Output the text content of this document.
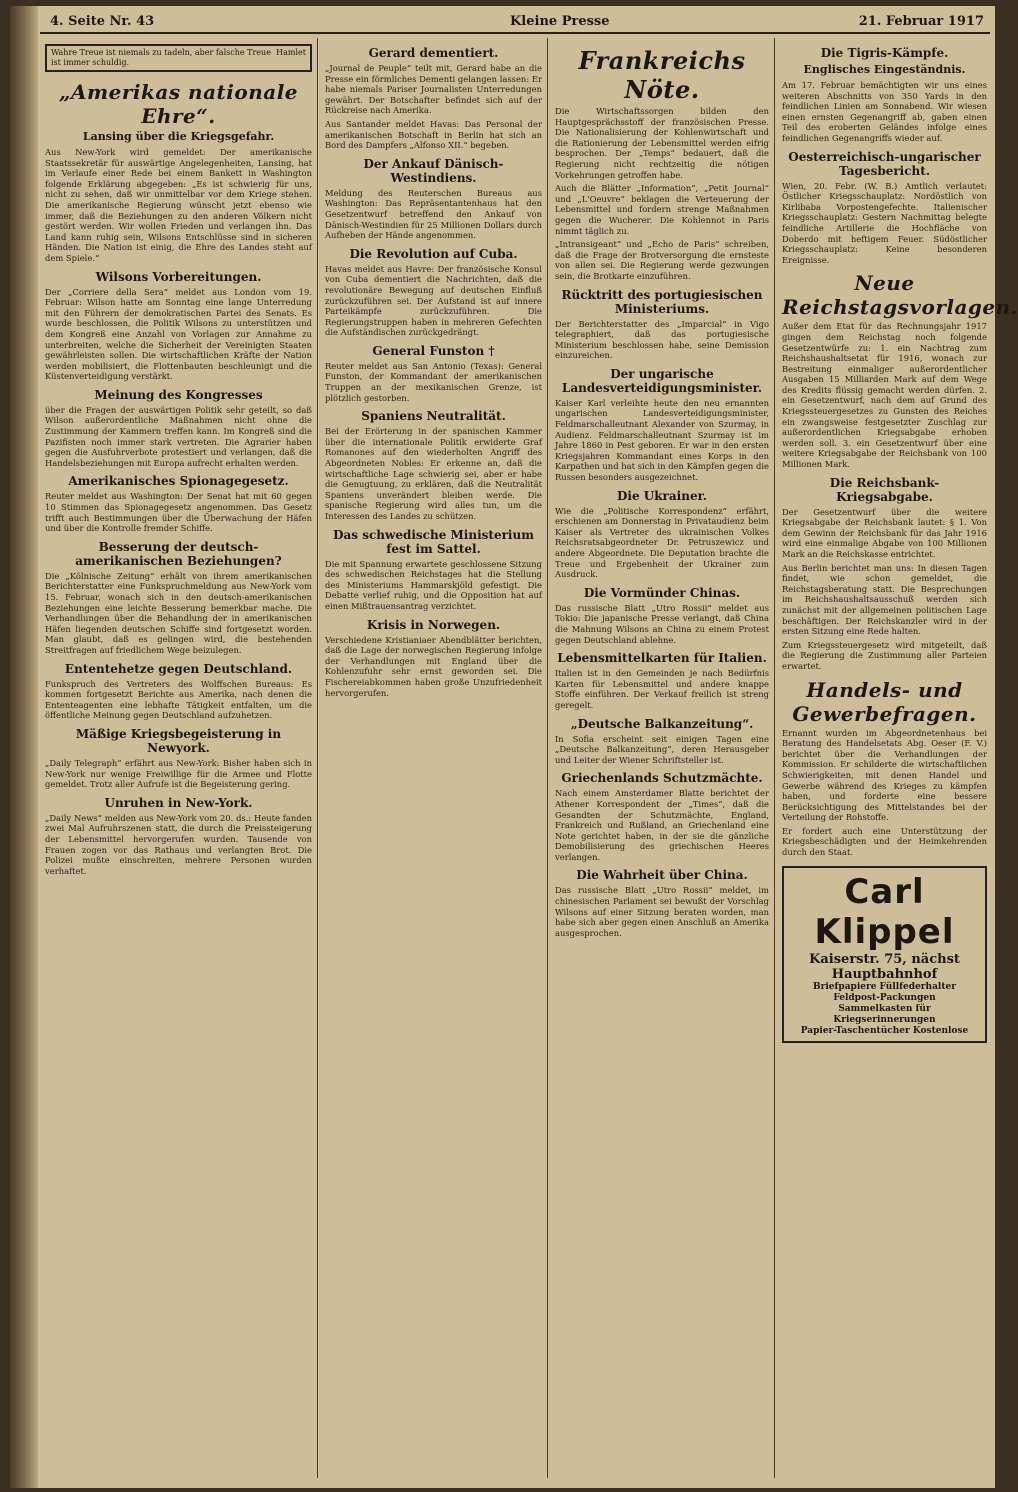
4. Seite Nr. 43	Kleine Presse	21. Februar 1917
Wahre Treue ist niemals zu tadeln, aber falsche Treue ist immer schuldig.
Hamlet
„Amerikas nationale Ehre“.
Lansing über die Kriegsgefahr.

Aus New-York wird gemeldet: Der amerikanische Staatssekretär für auswärtige Angelegenheiten, Lansing, hat im Verlaufe einer Rede bei einem Bankett in Washington folgende Erklärung abgegeben: „Es ist schwierig für uns, nicht zu sehen, daß wir unmittelbar vor dem Kriege stehen. Die amerikanische Regierung wünscht jetzt ebenso wie immer, daß die Beziehungen zu den anderen Völkern nicht gestört werden. Wir wollen Frieden und verlangen ihn. Das Land kann ruhig sein, Wilsons Entschlüsse sind in sicheren Händen. Die Nation ist einig, die Ehre des Landes steht auf dem Spiele.“

Wilsons Vorbereitungen.

Der „Corriere della Sera“ meldet aus London vom 19. Februar: Wilson hatte am Sonntag eine lange Unterredung mit den Führern der demokratischen Partei des Senats. Es wurde beschlossen, die Politik Wilsons zu unterstützen und dem Kongreß eine Anzahl von Vorlagen zur Annahme zu unterbreiten, welche die Sicherheit der Vereinigten Staaten gewährleisten sollen. Die wirtschaftlichen Kräfte der Nation werden mobilisiert, die Flottenbauten beschleunigt und die Küstenverteidigung verstärkt.

Meinung des Kongresses

über die Fragen der auswärtigen Politik sehr geteilt, so daß Wilson außerordentliche Maßnahmen nicht ohne die Zustimmung der Kammern treffen kann. Im Kongreß sind die Pazifisten noch immer stark vertreten. Die Agrarier haben gegen die Ausfuhrverbote protestiert und verlangen, daß die Handelsbeziehungen mit Europa aufrecht erhalten werden.

Amerikanisches Spionagegesetz.

Reuter meldet aus Washington: Der Senat hat mit 60 gegen 10 Stimmen das Spionagegesetz angenommen. Das Gesetz trifft auch Bestimmungen über die Überwachung der Häfen und über die Kontrolle fremder Schiffe.

Besserung der deutsch-amerikanischen Beziehungen?

Die „Kölnische Zeitung“ erhält von ihrem amerikanischen Berichterstatter eine Funkspruchmeldung aus New-York vom 15. Februar, wonach sich in den deutsch-amerikanischen Beziehungen eine leichte Besserung bemerkbar mache. Die Verhandlungen über die Behandlung der in amerikanischen Häfen liegenden deutschen Schiffe sind fortgesetzt worden. Man glaubt, daß es gelingen wird, die bestehenden Streitfragen auf friedlichem Wege beizulegen.

Ententehetze gegen Deutschland.

Funkspruch des Vertreters des Wolffschen Bureaus: Es kommen fortgesetzt Berichte aus Amerika, nach denen die Ententeagenten eine lebhafte Tätigkeit entfalten, um die öffentliche Meinung gegen Deutschland aufzuhetzen.

Mäßige Kriegsbegeisterung in Newyork.

„Daily Telegraph“ erfährt aus New-York: Bisher haben sich in New-York nur wenige Freiwillige für die Armee und Flotte gemeldet. Trotz aller Aufrufe ist die Begeisterung gering.

Unruhen in New-York.

„Daily News“ melden aus New-York vom 20. ds.: Heute fanden zwei Mal Aufruhrszenen statt, die durch die Preissteigerung der Lebensmittel hervorgerufen wurden. Tausende von Frauen zogen vor das Rathaus und verlangten Brot. Die Polizei mußte einschreiten, mehrere Personen wurden verhaftet.

Gerard dementiert.

„Journal de Peuple“ teilt mit, Gerard habe an die Presse ein förmliches Dementi gelangen lassen: Er habe niemals Pariser Journalisten Unterredungen gewährt. Der Botschafter befindet sich auf der Rückreise nach Amerika.

Aus Santander meldet Havas: Das Personal der amerikanischen Botschaft in Berlin hat sich an Bord des Dampfers „Alfonso XII.“ begeben.

Der Ankauf Dänisch-Westindiens.

Meldung des Reuterschen Bureaus aus Washington: Das Repräsentantenhaus hat den Gesetzentwurf betreffend den Ankauf von Dänisch-Westindien für 25 Millionen Dollars durch Aufheben der Hände angenommen.

Die Revolution auf Cuba.

Havas meldet aus Havre: Der französische Konsul von Cuba dementiert die Nachrichten, daß die revolutionäre Bewegung auf deutschen Einfluß zurückzuführen sei. Der Aufstand ist auf innere Parteikämpfe zurückzuführen. Die Regierungstruppen haben in mehreren Gefechten die Aufständischen zurückgedrängt.

General Funston †

Reuter meldet aus San Antonio (Texas): General Funston, der Kommandant der amerikanischen Truppen an der mexikanischen Grenze, ist plötzlich gestorben.

Spaniens Neutralität.

Bei der Erörterung in der spanischen Kammer über die internationale Politik erwiderte Graf Romanones auf den wiederholten Angriff des Abgeordneten Nobles: Er erkenne an, daß die wirtschaftliche Lage schwierig sei, aber er habe die Genugtuung, zu erklären, daß die Neutralität Spaniens unverändert bleiben werde. Die spanische Regierung wird alles tun, um die Interessen des Landes zu schützen.

Das schwedische Ministerium fest im Sattel.

Die mit Spannung erwartete geschlossene Sitzung des schwedischen Reichstages hat die Stellung des Ministeriums Hammarskjöld gefestigt. Die Debatte verlief ruhig, und die Opposition hat auf einen Mißtrauensantrag verzichtet.

Krisis in Norwegen.

Verschiedene Kristianiaer Abendblätter berichten, daß die Lage der norwegischen Regierung infolge der Verhandlungen mit England über die Kohlenzufuhr sehr ernst geworden sei. Die Fischereiabkommen haben große Unzufriedenheit hervorgerufen.

Frankreichs Nöte.

Die Wirtschaftssorgen bilden den Hauptgesprächsstoff der französischen Presse. Die Nationalisierung der Kohlenwirtschaft und die Rationierung der Lebensmittel werden eifrig besprochen. Der „Temps“ bedauert, daß die Regierung nicht rechtzeitig die nötigen Vorkehrungen getroffen habe.

Auch die Blätter „Information“, „Petit Journal“ und „L'Oeuvre“ beklagen die Verteuerung der Lebensmittel und fordern strenge Maßnahmen gegen die Wucherer. Die Kohlennot in Paris nimmt täglich zu.

„Intransigeant“ und „Echo de Paris“ schreiben, daß die Frage der Brotversorgung die ernsteste von allen sei. Die Regierung werde gezwungen sein, die Brotkarte einzuführen.

Rücktritt des portugiesischen Ministeriums.

Der Berichterstatter des „Imparcial“ in Vigo telegraphiert, daß das portugiesische Ministerium beschlossen habe, seine Demission einzureichen.

Der ungarische Landesverteidigungsminister.

Kaiser Karl verleihte heute den neu ernannten ungarischen Landesverteidigungsminister, Feldmarschalleutnant Alexander von Szurmay, in Audienz. Feldmarschalleutnant Szurmay ist im Jahre 1860 in Pest geboren. Er war in den ersten Kriegsjahren Kommandant eines Korps in den Karpathen und hat sich in den Kämpfen gegen die Russen besonders ausgezeichnet.

Die Ukrainer.

Wie die „Politische Korrespondenz“ erfährt, erschienen am Donnerstag in Privataudienz beim Kaiser als Vertreter des ukrainischen Volkes Reichsratsabgeordneter Dr. Petruszewicz und andere Abgeordnete. Die Deputation brachte die Treue und Ergebenheit der Ukrainer zum Ausdruck.

Die Vormünder Chinas.

Das russische Blatt „Utro Rossii“ meldet aus Tokio: Die japanische Presse verlangt, daß China die Mahnung Wilsons an China zu einem Protest gegen Deutschland ablehne.

Lebensmittelkarten für Italien.

Italien ist in den Gemeinden je nach Bedürfnis Karten für Lebensmittel und andere knappe Stoffe einführen. Der Verkauf freilich ist streng geregelt.

„Deutsche Balkanzeitung“.

In Sofia erscheint seit einigen Tagen eine „Deutsche Balkanzeitung“, deren Herausgeber und Leiter der Wiener Schriftsteller ist.

Griechenlands Schutzmächte.

Nach einem Amsterdamer Blatte berichtet der Athener Korrespondent der „Times“, daß die Gesandten der Schutzmächte, England, Frankreich und Rußland, an Griechenland eine Note gerichtet haben, in der sie die gänzliche Demobilisierung des griechischen Heeres verlangen.

Die Wahrheit über China.

Das russische Blatt „Utro Rossii“ meldet, im chinesischen Parlament sei bewußt der Vorschlag Wilsons auf einer Sitzung beraten worden, man habe sich aber gegen einen Anschluß an Amerika ausgesprochen.

Die Tigris-Kämpfe.
Englisches Eingeständnis.

Am 17. Februar bemächtigten wir uns eines weiteren Abschnitts von 350 Yards in den feindlichen Linien am Sonnabend. Wir wiesen einen ernsten Gegenangriff ab, gaben einen Teil des eroberten Geländes infolge eines feindlichen Gegenangriffs wieder auf.

Oesterreichisch-ungarischer Tagesbericht.

Wien, 20. Febr. (W. B.) Amtlich verlautet: Östlicher Kriegsschauplatz: Nordöstlich von Kirlibaba Vorpostengefechte. Italienischer Kriegsschauplatz: Gestern Nachmittag belegte feindliche Artillerie die Hochfläche von Doberdo mit heftigem Feuer. Südöstlicher Kriegsschauplatz: Keine besonderen Ereignisse.

Neue Reichstagsvorlagen.

Außer dem Etat für das Rechnungsjahr 1917 gingen dem Reichstag noch folgende Gesetzentwürfe zu: 1. ein Nachtrag zum Reichshaushaltsetat für 1916, wonach zur Bestreitung einmaliger außerordentlicher Ausgaben 15 Milliarden Mark auf dem Wege des Kredits flüssig gemacht werden dürfen. 2. ein Gesetzentwurf, nach dem auf Grund des Kriegssteuergesetzes zu Gunsten des Reiches ein zwangsweise festgesetzter Zuschlag zur außerordentlichen Kriegsabgabe erhoben werden soll. 3. ein Gesetzentwurf über eine weitere Kriegsabgabe der Reichsbank von 100 Millionen Mark.

Die Reichsbank-Kriegsabgabe.

Der Gesetzentwurf über die weitere Kriegsabgabe der Reichsbank lautet: § 1. Von dem Gewinn der Reichsbank für das Jahr 1916 wird eine einmalige Abgabe von 100 Millionen Mark an die Reichskasse entrichtet.

Aus Berlin berichtet man uns: In diesen Tagen findet, wie schon gemeldet, die Reichstagsberatung statt. Die Besprechungen im Reichshaushaltsausschuß werden sich zunächst mit der allgemeinen politischen Lage beschäftigen. Der Reichskanzler wird in der ersten Sitzung eine Rede halten.

Zum Kriegssteuergesetz wird mitgeteilt, daß die Regierung die Zustimmung aller Parteien erwartet.

Handels- und Gewerbefragen.

Ernannt wurden im Abgeordnetenhaus bei Beratung des Handelsetats Abg. Oeser (F. V.) berichtet über die Verhandlungen der Kommission. Er schilderte die wirtschaftlichen Schwierigkeiten, mit denen Handel und Gewerbe während des Krieges zu kämpfen haben, und forderte eine bessere Berücksichtigung des Mittelstandes bei der Verteilung der Rohstoffe.

Er fordert auch eine Unterstützung der Kriegsbeschädigten und der Heimkehrenden durch den Staat.

Carl Klippel
Kaiserstr. 75, nächst Hauptbahnhof
Briefpapiere Füllfederhalter
Feldpost-Packungen
Sammelkasten für Kriegserinnerungen
Papier-Taschentücher Kostenlose
